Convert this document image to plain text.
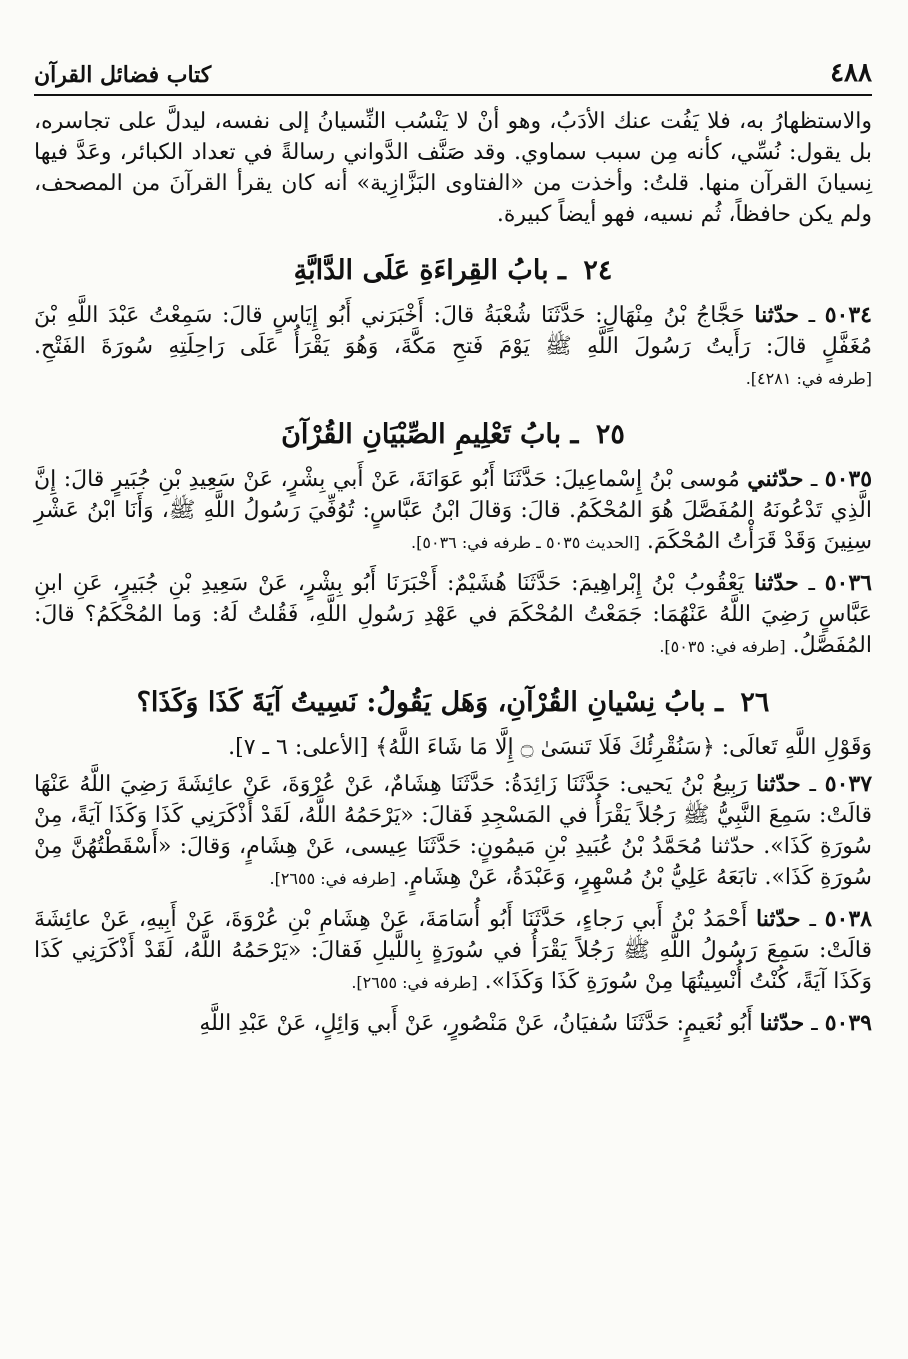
٤٨٨
كتاب فضائل القرآن

والاستظهارُ به، فلا يَفُت عنك الأدَبُ، وهو أنْ لا يَنْسُب النِّسيانُ إلى نفسه، ليدلَّ على تجاسره، بل يقول: نُسِّي، كأنه مِن سبب سماوي. وقد صَنَّف الدَّواني رسالةً في تعداد الكبائر، وعَدَّ فيها نِسيانَ القرآن منها. قلتُ: وأخذت من «الفتاوى البَزَّازِية» أنه كان يقرأ القرآنَ من المصحف، ولم يكن حافظاً، ثُم نسيه، فهو أيضاً كبيرة.

٢٤ ـ بابُ القِراءَةِ عَلَى الدَّابَّةِ

٥٠٣٤ ـ حدّثنا حَجَّاجُ بْنُ مِنْهَالٍ: حَدَّثَنَا شُعْبَةُ قالَ: أَخْبَرَني أَبُو إِيَاسٍ قالَ: سَمِعْتُ عَبْدَ اللَّهِ بْنَ مُغَفَّلٍ قالَ: رَأَيتُ رَسُولَ اللَّهِ ﷺ يَوْمَ فَتحِ مَكَّةَ، وَهُوَ يَقْرَأُ عَلَى رَاحِلَتِهِ سُورَةَ الفَتْحِ. [طرفه في: ٤٢٨١].

٢٥ ـ بابُ تَعْلِيمِ الصِّبْيَانِ القُرْآنَ

٥٠٣٥ ـ حدّثني مُوسى بْنُ إِسْماعِيلَ: حَدَّثَنَا أَبُو عَوَانَةَ، عَنْ أَبي بِشْرٍ، عَنْ سَعِيدِ بْنِ جُبَيرٍ قالَ: إِنَّ الَّذِي تَدْعُونَهُ المُفَصَّلَ هُوَ المُحْكَمُ. قالَ: وَقالَ ابْنُ عَبَّاسٍ: تُوُفِّيَ رَسُولُ اللَّهِ ﷺ، وَأَنَا ابْنُ عَشْرِ سِنِينَ وَقَدْ قَرَأْتُ المُحْكَمَ. [الحديث ٥٠٣٥ ـ طرفه في: ٥٠٣٦].

٥٠٣٦ ـ حدّثنا يَعْقُوبُ بْنُ إِبْراهِيمَ: حَدَّثَنَا هُشَيْمٌ: أَخْبَرَنَا أَبُو بِشْرٍ، عَنْ سَعِيدِ بْنِ جُبَيرٍ، عَنِ ابنِ عَبَّاسٍ رَضِيَ اللَّهُ عَنْهُمَا: جَمَعْتُ المُحْكَمَ في عَهْدِ رَسُولِ اللَّهِ، فَقُلتُ لَهُ: وَما المُحْكَمُ؟ قالَ: المُفَصَّلُ. [طرفه في: ٥٠٣٥].

٢٦ ـ بابُ نِسْيانِ القُرْآنِ، وَهَل يَقُولُ: نَسِيتُ آيَةَ كَذَا وَكَذَا؟

وَقَوْلِ اللَّهِ تَعالَى: ﴿سَنُقْرِئُكَ فَلَا تَنسَىٰ ۝ إِلَّا مَا شَاءَ اللَّهُ﴾ [الأعلى: ٦ ـ ٧].

٥٠٣٧ ـ حدّثنا رَبِيعُ بْنُ يَحيى: حَدَّثَنَا زَائِدَةُ: حَدَّثَنَا هِشَامٌ، عَنْ عُرْوَةَ، عَنْ عائِشَةَ رَضِيَ اللَّهُ عَنْهَا قالَتْ: سَمِعَ النَّبِيُّ ﷺ رَجُلاً يَقْرَأُ في المَسْجِدِ فَقالَ: «يَرْحَمُهُ اللَّهُ، لَقَدْ أَذْكَرَنِي كَذَا وَكَذَا آيَةً، مِنْ سُورَةِ كَذَا». حدّثنا مُحَمَّدُ بْنُ عُبَيدِ بْنِ مَيمُونٍ: حَدَّثَنَا عِيسى، عَنْ هِشَامٍ، وَقالَ: «أَسْقَطْتُهُنَّ مِنْ سُورَةِ كَذَا». تابَعَهُ عَلِيُّ بْنُ مُسْهِرٍ، وَعَبْدَةُ، عَنْ هِشَامٍ. [طرفه في: ٢٦٥٥].

٥٠٣٨ ـ حدّثنا أَحْمَدُ بْنُ أَبي رَجاءٍ، حَدَّثَنَا أَبُو أُسَامَةَ، عَنْ هِشَامِ بْنِ عُرْوَةَ، عَنْ أَبِيهِ، عَنْ عائِشَةَ قالَتْ: سَمِعَ رَسُولُ اللَّهِ ﷺ رَجُلاً يَقْرَأُ في سُورَةٍ بِاللَّيلِ فَقالَ: «يَرْحَمُهُ اللَّهُ، لَقَدْ أَذْكَرَنِي كَذَا وَكَذَا آيَةً، كُنْتُ أُنْسِيتُهَا مِنْ سُورَةِ كَذَا وَكَذَا». [طرفه في: ٢٦٥٥].

٥٠٣٩ ـ حدّثنا أَبُو نُعَيمٍ: حَدَّثَنَا سُفيَانُ، عَنْ مَنْصُورٍ، عَنْ أَبي وَائِلٍ، عَنْ عَبْدِ اللَّهِ
